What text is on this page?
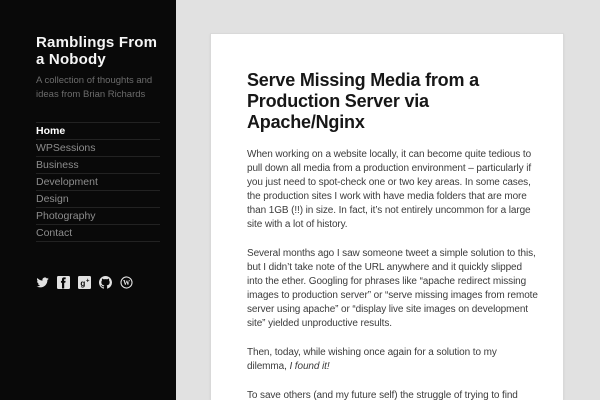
Ramblings From a Nobody

A collection of thoughts and ideas from Brian Richards

Home
WPSessions
Business
Development
Design
Photography
Contact
g +	W
Serve Missing Media from a Production Server via Apache/Nginx

When working on a website locally, it can become quite tedious to pull down all media from a production environment – particularly if you just need to spot-check one or two key areas. In some cases, the production sites I work with have media folders that are more than 1GB (!!) in size. In fact, it’s not entirely uncommon for a large site with a lot of history.

Several months ago I saw someone tweet a simple solution to this, but I didn’t take note of the URL anywhere and it quickly slipped into the ether. Googling for phrases like “apache redirect missing images to production server” or “serve missing images from remote server using apache” or “display live site images on development site” yielded unproductive results.

Then, today, while wishing once again for a solution to my dilemma, I found it!

To save others (and my future self) the struggle of trying to find
